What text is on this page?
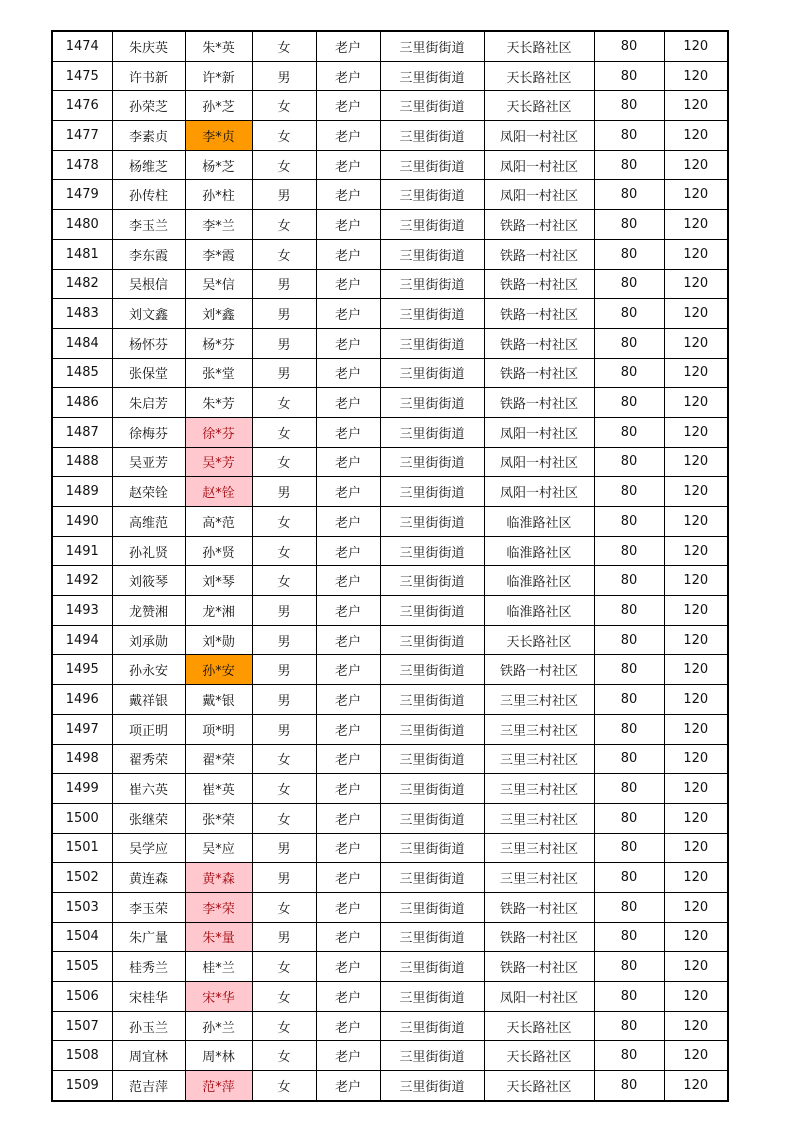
1474	朱庆英	朱*英	女	老户	三里街街道	天长路社区	80	120
1475	许书新	许*新	男	老户	三里街街道	天长路社区	80	120
1476	孙荣芝	孙*芝	女	老户	三里街街道	天长路社区	80	120
1477	李素贞	李*贞	女	老户	三里街街道	凤阳一村社区	80	120
1478	杨维芝	杨*芝	女	老户	三里街街道	凤阳一村社区	80	120
1479	孙传柱	孙*柱	男	老户	三里街街道	凤阳一村社区	80	120
1480	李玉兰	李*兰	女	老户	三里街街道	铁路一村社区	80	120
1481	李东霞	李*霞	女	老户	三里街街道	铁路一村社区	80	120
1482	吴根信	吴*信	男	老户	三里街街道	铁路一村社区	80	120
1483	刘文鑫	刘*鑫	男	老户	三里街街道	铁路一村社区	80	120
1484	杨怀芬	杨*芬	男	老户	三里街街道	铁路一村社区	80	120
1485	张保堂	张*堂	男	老户	三里街街道	铁路一村社区	80	120
1486	朱启芳	朱*芳	女	老户	三里街街道	铁路一村社区	80	120
1487	徐梅芬	徐*芬	女	老户	三里街街道	凤阳一村社区	80	120
1488	吴亚芳	吴*芳	女	老户	三里街街道	凤阳一村社区	80	120
1489	赵荣铨	赵*铨	男	老户	三里街街道	凤阳一村社区	80	120
1490	高维范	高*范	女	老户	三里街街道	临淮路社区	80	120
1491	孙礼贤	孙*贤	女	老户	三里街街道	临淮路社区	80	120
1492	刘筱琴	刘*琴	女	老户	三里街街道	临淮路社区	80	120
1493	龙赞湘	龙*湘	男	老户	三里街街道	临淮路社区	80	120
1494	刘承勋	刘*勋	男	老户	三里街街道	天长路社区	80	120
1495	孙永安	孙*安	男	老户	三里街街道	铁路一村社区	80	120
1496	戴祥银	戴*银	男	老户	三里街街道	三里三村社区	80	120
1497	项正明	项*明	男	老户	三里街街道	三里三村社区	80	120
1498	翟秀荣	翟*荣	女	老户	三里街街道	三里三村社区	80	120
1499	崔六英	崔*英	女	老户	三里街街道	三里三村社区	80	120
1500	张继荣	张*荣	女	老户	三里街街道	三里三村社区	80	120
1501	吴学应	吴*应	男	老户	三里街街道	三里三村社区	80	120
1502	黄连森	黄*森	男	老户	三里街街道	三里三村社区	80	120
1503	李玉荣	李*荣	女	老户	三里街街道	铁路一村社区	80	120
1504	朱广量	朱*量	男	老户	三里街街道	铁路一村社区	80	120
1505	桂秀兰	桂*兰	女	老户	三里街街道	铁路一村社区	80	120
1506	宋桂华	宋*华	女	老户	三里街街道	凤阳一村社区	80	120
1507	孙玉兰	孙*兰	女	老户	三里街街道	天长路社区	80	120
1508	周宜林	周*林	女	老户	三里街街道	天长路社区	80	120
1509	范吉萍	范*萍	女	老户	三里街街道	天长路社区	80	120
